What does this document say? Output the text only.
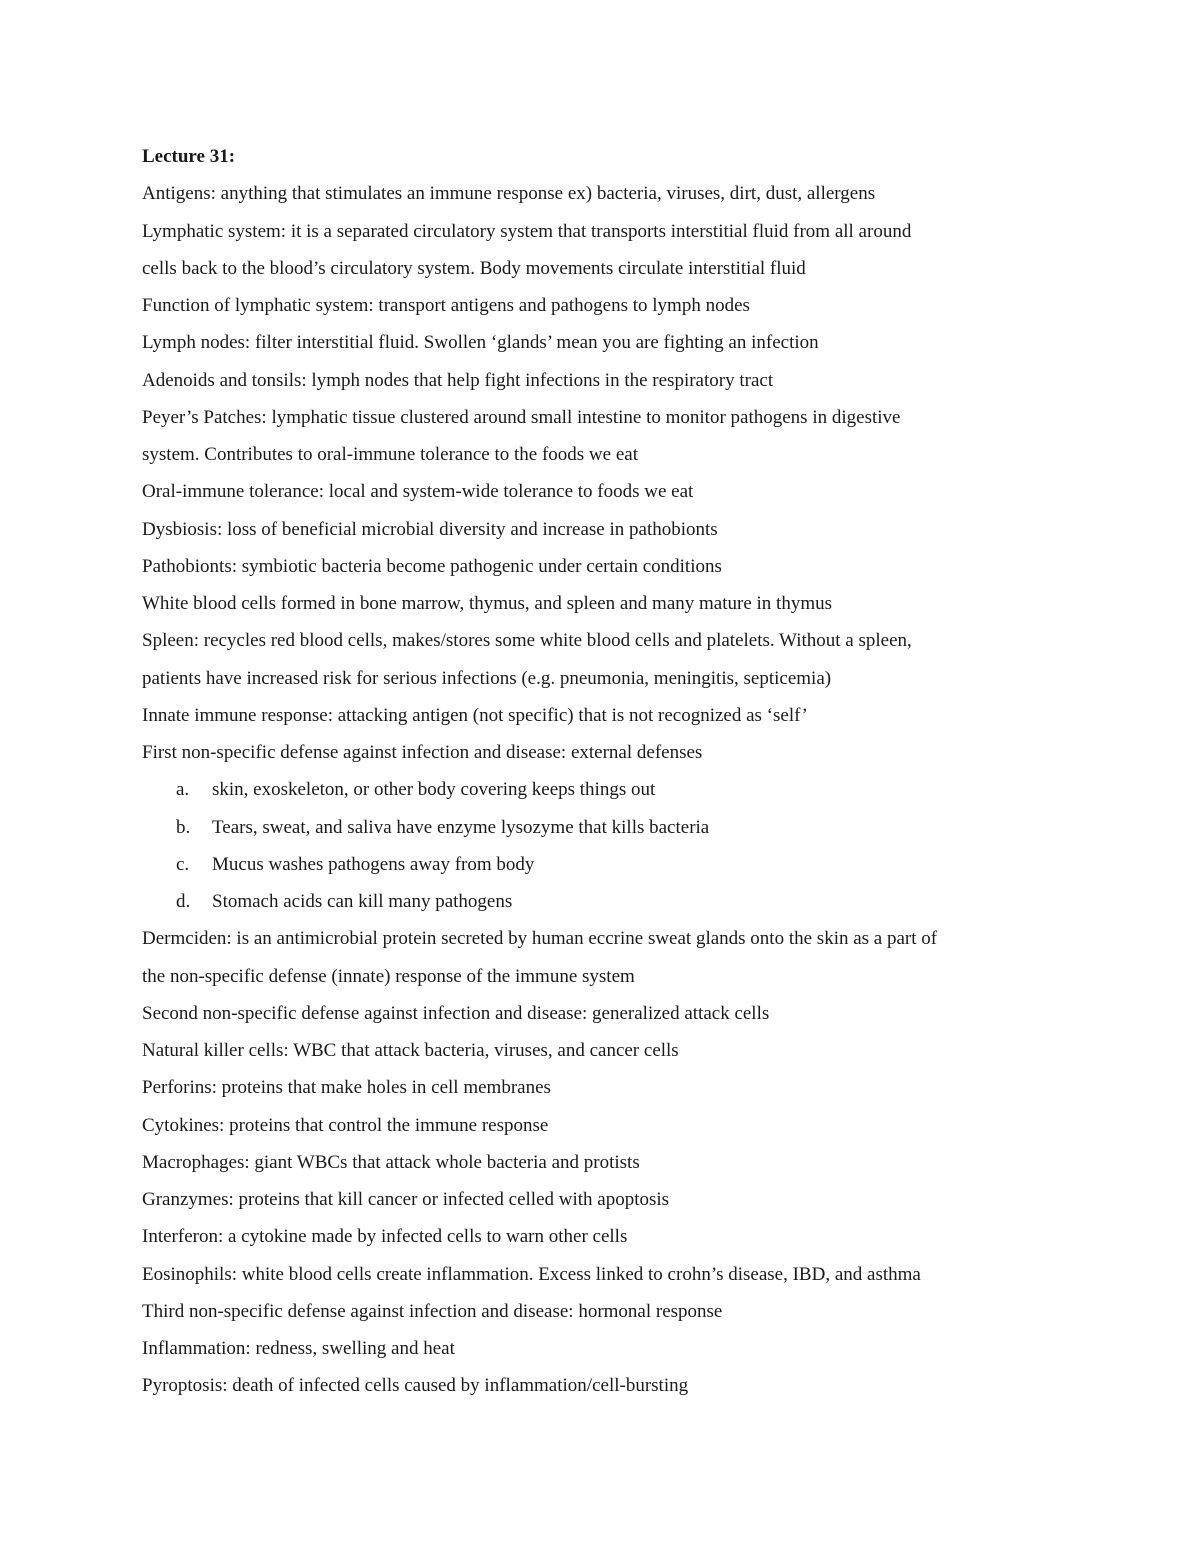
Lecture 31:
Antigens: anything that stimulates an immune response ex) bacteria, viruses, dirt, dust, allergens
Lymphatic system: it is a separated circulatory system that transports interstitial fluid from all around
cells back to the blood’s circulatory system. Body movements circulate interstitial fluid
Function of lymphatic system: transport antigens and pathogens to lymph nodes
Lymph nodes: filter interstitial fluid. Swollen ‘glands’ mean you are fighting an infection
Adenoids and tonsils: lymph nodes that help fight infections in the respiratory tract
Peyer’s Patches: lymphatic tissue clustered around small intestine to monitor pathogens in digestive
system. Contributes to oral-immune tolerance to the foods we eat
Oral-immune tolerance: local and system-wide tolerance to foods we eat
Dysbiosis: loss of beneficial microbial diversity and increase in pathobionts
Pathobionts: symbiotic bacteria become pathogenic under certain conditions
White blood cells formed in bone marrow, thymus, and spleen and many mature in thymus
Spleen: recycles red blood cells, makes/stores some white blood cells and platelets. Without a spleen,
patients have increased risk for serious infections (e.g. pneumonia, meningitis, septicemia)
Innate immune response: attacking antigen (not specific) that is not recognized as ‘self’
First non-specific defense against infection and disease: external defenses
a.	skin, exoskeleton, or other body covering keeps things out
b.	Tears, sweat, and saliva have enzyme lysozyme that kills bacteria
c.	Mucus washes pathogens away from body
d.	Stomach acids can kill many pathogens
Dermciden: is an antimicrobial protein secreted by human eccrine sweat glands onto the skin as a part of
the non-specific defense (innate) response of the immune system
Second non-specific defense against infection and disease: generalized attack cells
Natural killer cells: WBC that attack bacteria, viruses, and cancer cells
Perforins: proteins that make holes in cell membranes
Cytokines: proteins that control the immune response
Macrophages: giant WBCs that attack whole bacteria and protists
Granzymes: proteins that kill cancer or infected celled with apoptosis
Interferon: a cytokine made by infected cells to warn other cells
Eosinophils: white blood cells create inflammation. Excess linked to crohn’s disease, IBD, and asthma
Third non-specific defense against infection and disease: hormonal response
Inflammation: redness, swelling and heat
Pyroptosis: death of infected cells caused by inflammation/cell-bursting
